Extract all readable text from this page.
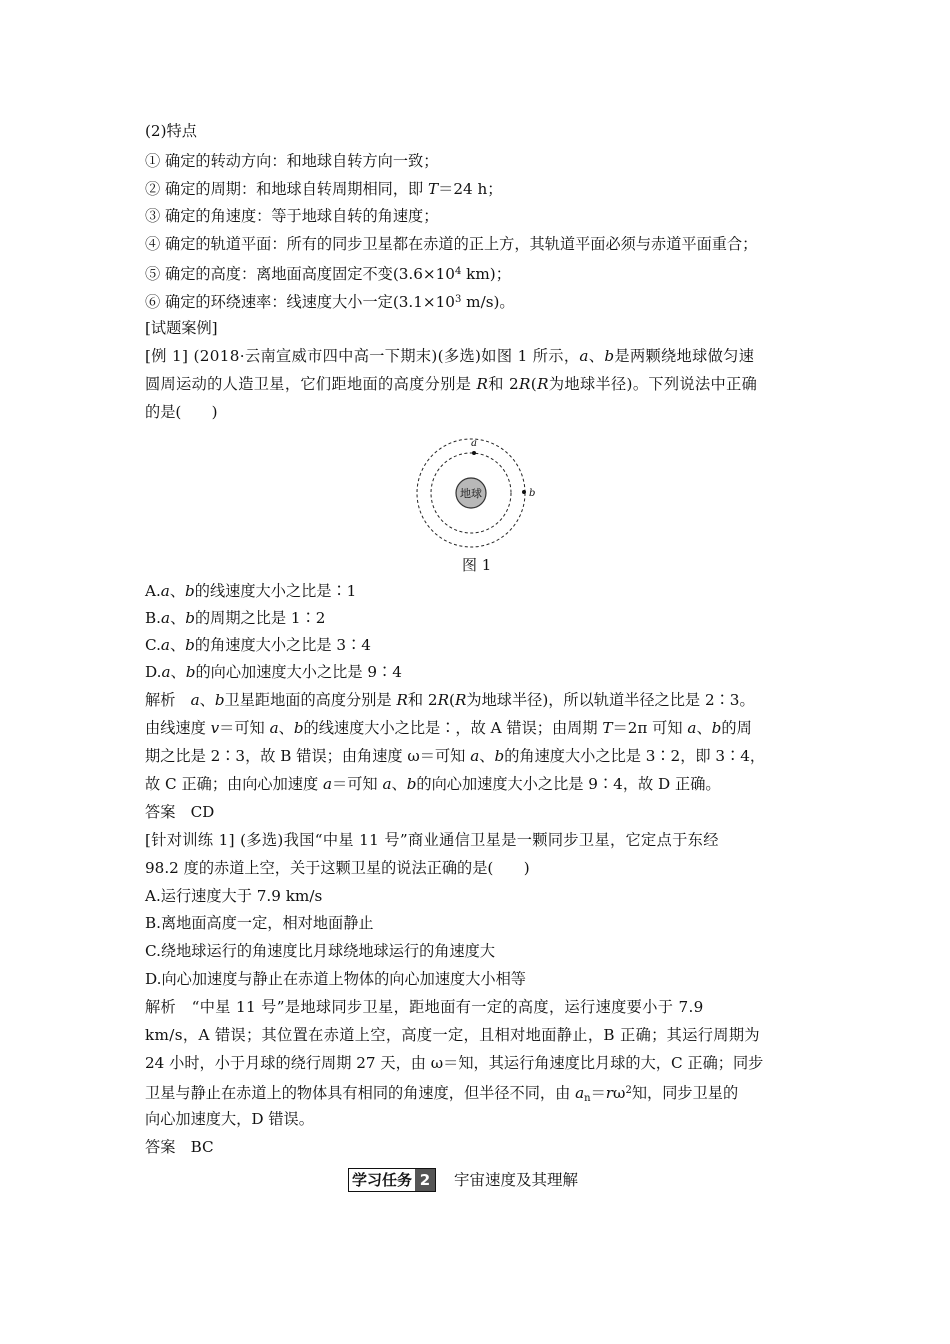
(2)特点
① 确定的转动方向：和地球自转方向一致；
② 确定的周期：和地球自转周期相同，即 T＝24 h；
③ 确定的角速度：等于地球自转的角速度；
④ 确定的轨道平面：所有的同步卫星都在赤道的正上方，其轨道平面必须与赤道平面重合；
⑤ 确定的高度：离地面高度固定不变($3.6\times 10^4$ km)；
⑥ 确定的环绕速率：线速度大小一定($3.1\times 10^3$ m/s)。
[试题案例]
[例 1] (2018·云南宣威市四中高一下期末)(多选)如图 1 所示，a、b是两颗绕地球做匀速
圆周运动的人造卫星，它们距地面的高度分别是 R和 2R(R为地球半径)。下列说法中正确
的是(　　)
地球
a
b
图 1
A.a、b的线速度大小之比是∶1
B.a、b的周期之比是 1∶2
C.a、b的角速度大小之比是 3∶4
D.a、b的向心加速度大小之比是 9∶4
解析　a、b卫星距地面的高度分别是 R和 2R(R为地球半径)，所以轨道半径之比是 2∶3。
由线速度 v＝可知 a、b的线速度大小之比是∶，故 A 错误；由周期 T＝2π 可知 a、b的周
期之比是 2∶3，故 B 错误；由角速度 ω＝可知 a、b的角速度大小之比是 3∶2，即 3∶4，
故 C 正确；由向心加速度 a＝可知 a、b的向心加速度大小之比是 9∶4，故 D 正确。
答案　CD
[针对训练 1] (多选)我国“中星 11 号”商业通信卫星是一颗同步卫星，它定点于东经
98.2 度的赤道上空，关于这颗卫星的说法正确的是(　　)
A.运行速度大于 7.9 km/s
B.离地面高度一定，相对地面静止
C.绕地球运行的角速度比月球绕地球运行的角速度大
D.向心加速度与静止在赤道上物体的向心加速度大小相等
解析　“中星 11 号”是地球同步卫星，距地面有一定的高度，运行速度要小于 7.9
km/s，A 错误；其位置在赤道上空，高度一定，且相对地面静止，B 正确；其运行周期为
24 小时，小于月球的绕行周期 27 天，由 ω＝知，其运行角速度比月球的大，C 正确；同步
卫星与静止在赤道上的物体具有相同的角速度，但半径不同，由 $a_n=r\omega^2$知，同步卫星的
向心加速度大，D 错误。
答案　BC
学习任务 2	宇宙速度及其理解
